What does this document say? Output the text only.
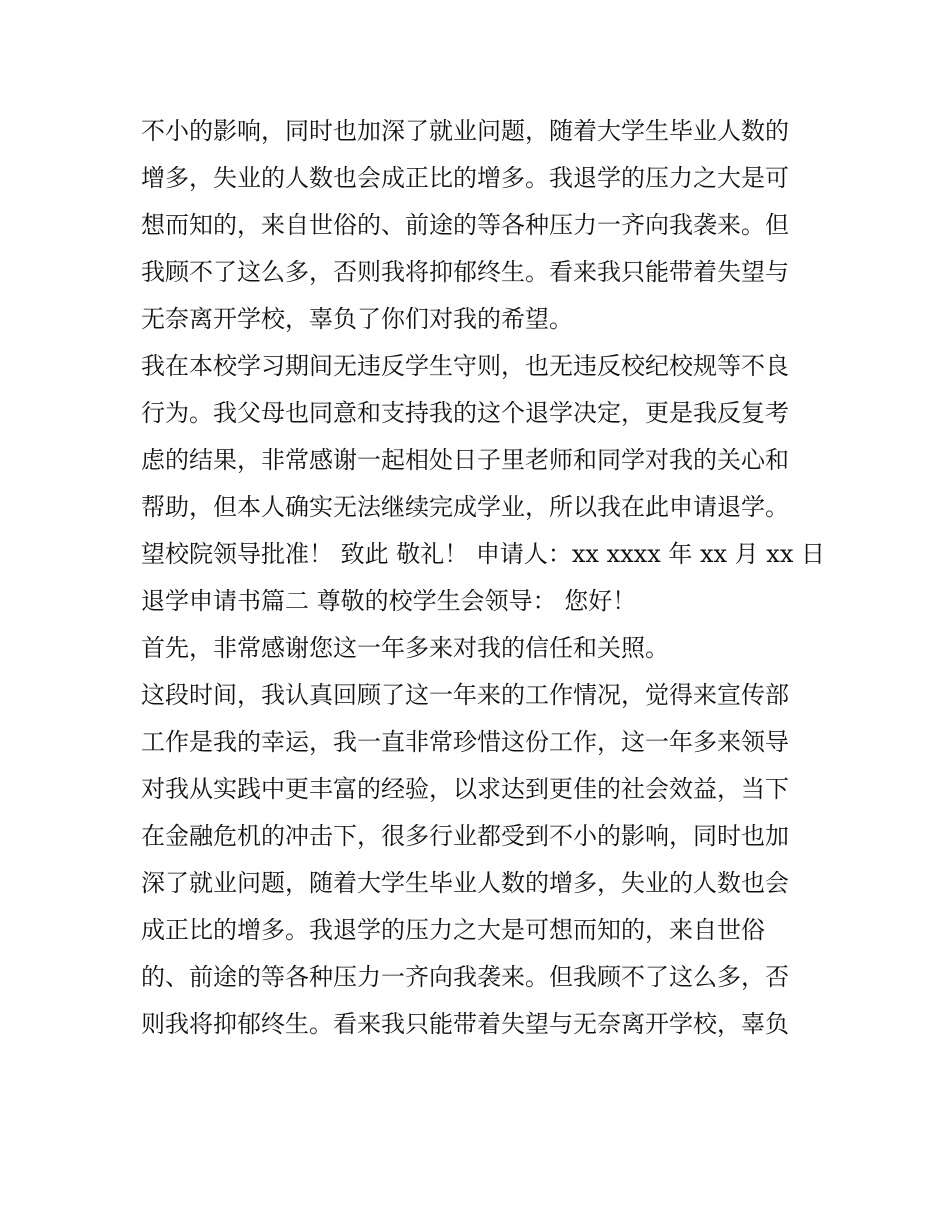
不小的影响，同时也加深了就业问题，随着大学生毕业人数的
增多，失业的人数也会成正比的增多。我退学的压力之大是可
想而知的，来自世俗的、前途的等各种压力一齐向我袭来。但
我顾不了这么多，否则我将抑郁终生。看来我只能带着失望与
无奈离开学校，辜负了你们对我的希望。
我在本校学习期间无违反学生守则，也无违反校纪校规等不良
行为。我父母也同意和支持我的这个退学决定，更是我反复考
虑的结果，非常感谢一起相处日子里老师和同学对我的关心和
帮助，但本人确实无法继续完成学业，所以我在此申请退学。
望校院领导批准！ 致此 敬礼！ 申请人：xx xxxx 年 xx 月 xx 日
退学申请书篇二 尊敬的校学生会领导： 您好！
首先，非常感谢您这一年多来对我的信任和关照。
这段时间，我认真回顾了这一年来的工作情况，觉得来宣传部
工作是我的幸运，我一直非常珍惜这份工作，这一年多来领导
对我从实践中更丰富的经验，以求达到更佳的社会效益，当下
在金融危机的冲击下，很多行业都受到不小的影响，同时也加
深了就业问题，随着大学生毕业人数的增多，失业的人数也会
成正比的增多。我退学的压力之大是可想而知的，来自世俗
的、前途的等各种压力一齐向我袭来。但我顾不了这么多，否
则我将抑郁终生。看来我只能带着失望与无奈离开学校，辜负
